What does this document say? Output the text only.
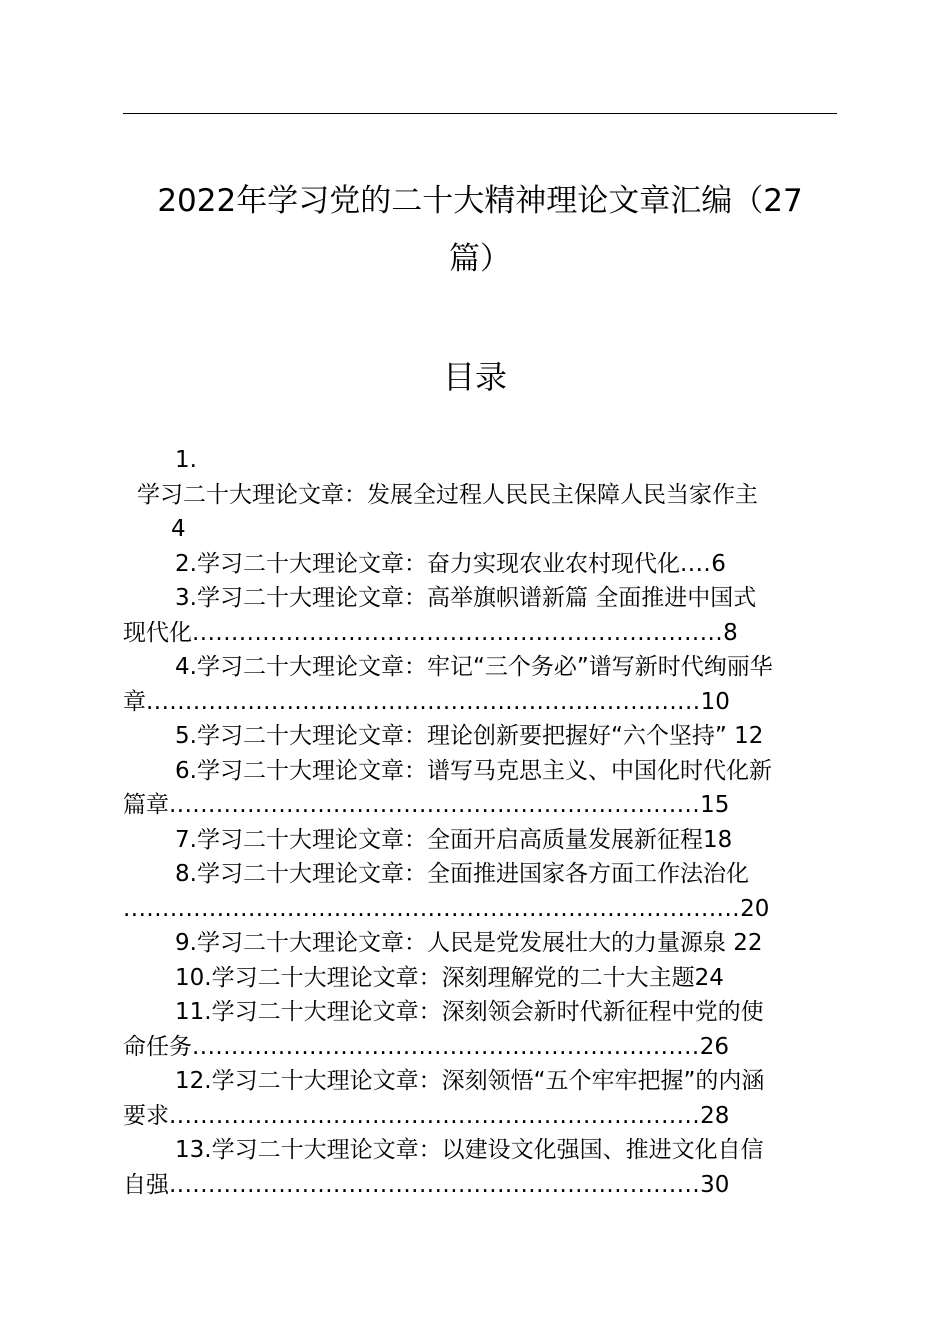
2022年学习党的二十大精神理论文章汇编（27
篇）
目录
1.
学习二十大理论文章：发展全过程人民民主保障人民当家作主
4
2.学习二十大理论文章：奋力实现农业农村现代化....6
3.学习二十大理论文章：高举旗帜谱新篇 全面推进中国式
现代化....................................................................8
4.学习二十大理论文章：牢记“三个务必”谱写新时代绚丽华
章.......................................................................10
5.学习二十大理论文章：理论创新要把握好“六个坚持” 12
6.学习二十大理论文章：谱写马克思主义、中国化时代化新
篇章....................................................................15
7.学习二十大理论文章：全面开启高质量发展新征程18
8.学习二十大理论文章：全面推进国家各方面工作法治化
...............................................................................20
9.学习二十大理论文章：人民是党发展壮大的力量源泉 22
10.学习二十大理论文章：深刻理解党的二十大主题24
11.学习二十大理论文章：深刻领会新时代新征程中党的使
命任务.................................................................26
12.学习二十大理论文章：深刻领悟“五个牢牢把握”的内涵
要求....................................................................28
13.学习二十大理论文章：以建设文化强国、推进文化自信
自强....................................................................30
